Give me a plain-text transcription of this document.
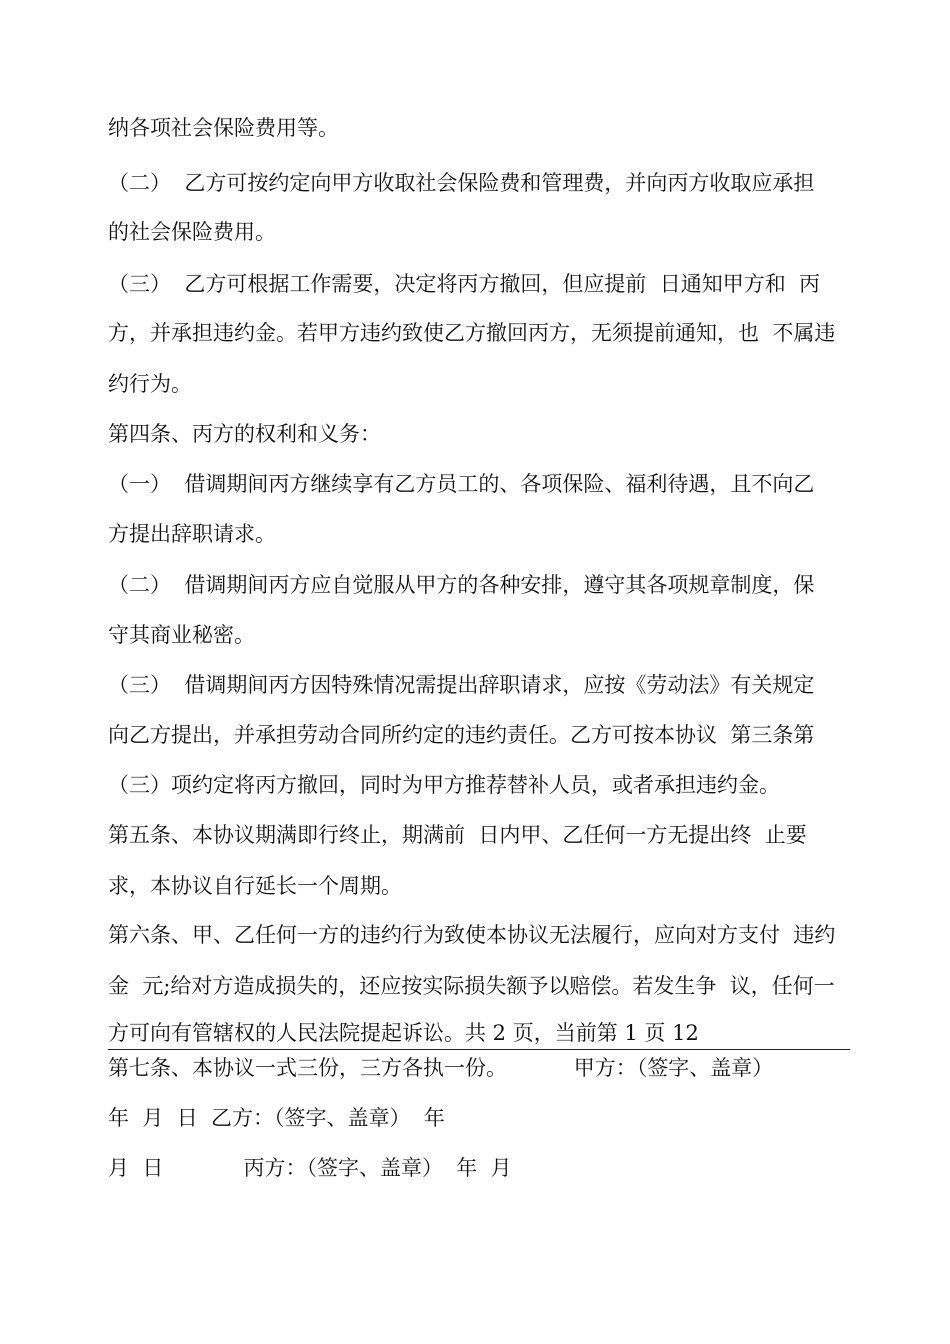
纳各项社会保险费用等。
（二）  乙方可按约定向甲方收取社会保险费和管理费，并向丙方收取应承担
的社会保险费用。
（三）  乙方可根据工作需要，决定将丙方撤回，但应提前  日通知甲方和  丙
方，并承担违约金。若甲方违约致使乙方撤回丙方，无须提前通知，也  不属违
约行为。
第四条、丙方的权利和义务：
（一）  借调期间丙方继续享有乙方员工的、各项保险、福利待遇，且不向乙
方提出辞职请求。
（二）  借调期间丙方应自觉服从甲方的各种安排，遵守其各项规章制度，保
守其商业秘密。
（三）  借调期间丙方因特殊情况需提出辞职请求，应按《劳动法》有关规定
向乙方提出，并承担劳动合同所约定的违约责任。乙方可按本协议  第三条第
（三）项约定将丙方撤回，同时为甲方推荐替补人员，或者承担违约金。
第五条、本协议期满即行终止，期满前  日内甲、乙任何一方无提出终  止要
求，本协议自行延长一个周期。
第六条、甲、乙任何一方的违约行为致使本协议无法履行，应向对方支付  违约
金  元;给对方造成损失的，还应按实际损失额予以赔偿。若发生争  议，任何一
方可向有管辖权的人民法院提起诉讼。共 2 页，当前第 1 页 12
第七条、本协议一式三份，三方各执一份。          甲方：（签字、盖章）
年  月  日  乙方：（签字、盖章）  年
月  日            丙方：（签字、盖章）  年  月
